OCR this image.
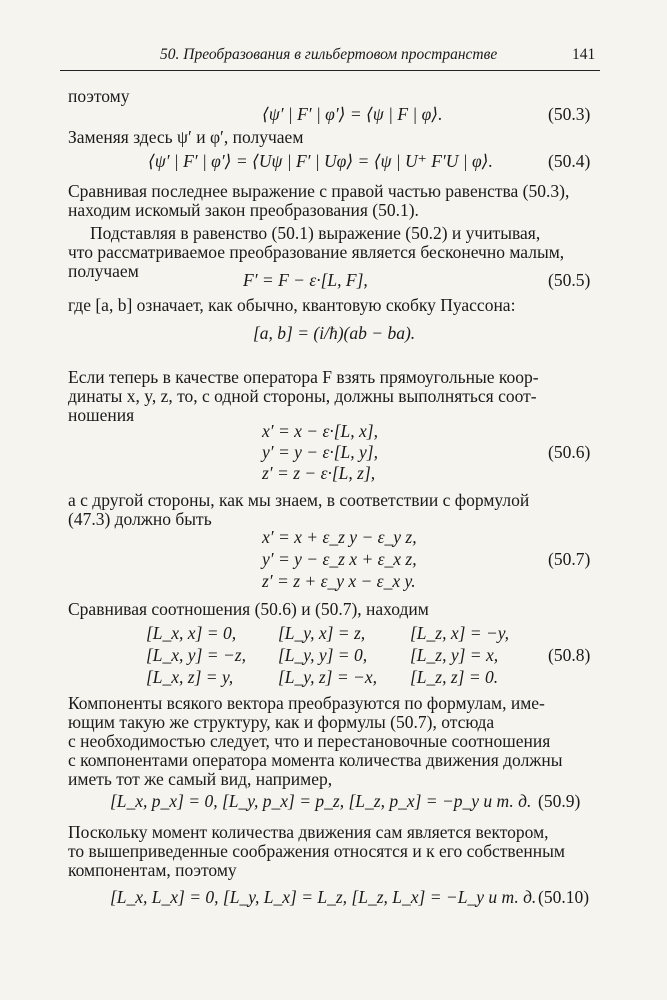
50. Преобразования в гильбертовом пространстве	141
поэтому
⟨ψ′ | F′ | φ′⟩ = ⟨ψ | F | φ⟩.	(50.3)
Заменяя здесь ψ′ и φ′, получаем
⟨ψ′ | F′ | φ′⟩ = ⟨Uψ | F′ | Uφ⟩ = ⟨ψ | U⁺ F′U | φ⟩.	(50.4)
Сравнивая последнее выражение с правой частью равенства (50.3),
находим искомый закон преобразования (50.1).
Подставляя в равенство (50.1) выражение (50.2) и учитывая,
что рассматриваемое преобразование является бесконечно малым,
получаем	F′ = F − ε·[L, F],	(50.5)
где [a, b] означает, как обычно, квантовую скобку Пуассона:
[a, b] = (i/ħ)(ab − ba).
Если теперь в качестве оператора F взять прямоугольные коор-
динаты x, y, z, то, с одной стороны, должны выполняться соот-
ношения
x′ = x − ε·[L, x],
y′ = y − ε·[L, y],
z′ = z − ε·[L, z],
(50.6)
а с другой стороны, как мы знаем, в соответствии с формулой
(47.3) должно быть
x′ = x + ε_z y − ε_y z,
y′ = y − ε_z x + ε_x z,
z′ = z + ε_y x − ε_x y.
(50.7)
Сравнивая соотношения (50.6) и (50.7), находим
[L_x, x] = 0, [L_y, x] = z,	[L_z, x] = −y,
[L_x, y] = −z, [L_y, y] = 0, [L_z, y] = x,
[L_x, z] = y,	[L_y, z] = −x, [L_z, z] = 0.
(50.8)
Компоненты всякого вектора преобразуются по формулам, име-
ющим такую же структуру, как и формулы (50.7), отсюда
с необходимостью следует, что и перестановочные соотношения
с компонентами оператора момента количества движения должны
иметь тот же самый вид, например,
[L_x, p_x] = 0, [L_y, p_x] = p_z, [L_z, p_x] = −p_y и т. д. (50.9)
Поскольку момент количества движения сам является вектором,
то вышеприведенные соображения относятся и к его собственным
компонентам, поэтому
[L_x, L_x] = 0, [L_y, L_x] = L_z, [L_z, L_x] = −L_y и т. д. (50.10)
